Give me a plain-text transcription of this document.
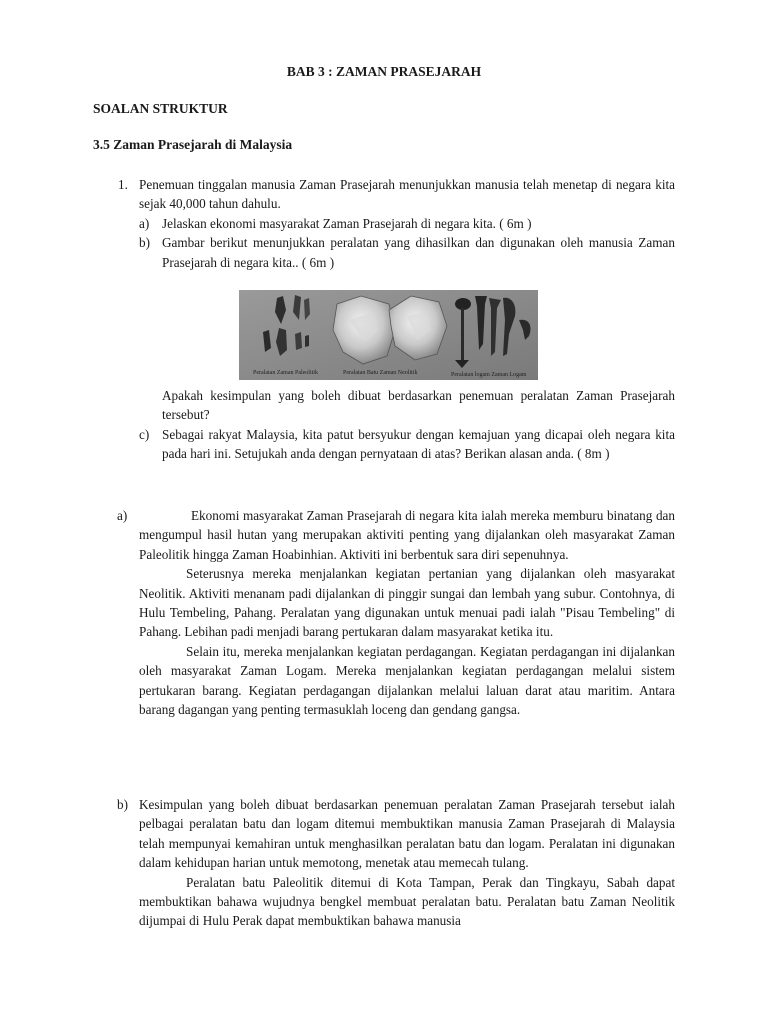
BAB 3 : ZAMAN PRASEJARAH
SOALAN STRUKTUR
3.5 Zaman Prasejarah di Malaysia
1. Penemuan tinggalan manusia Zaman Prasejarah menunjukkan manusia telah menetap di negara kita sejak 40,000 tahun dahulu.
a) Jelaskan ekonomi masyarakat Zaman Prasejarah di negara kita. ( 6m )
b) Gambar berikut menunjukkan peralatan yang dihasilkan dan digunakan oleh manusia Zaman Prasejarah di negara kita.. ( 6m )
Peralatan Zaman Paleolitik	Peralatan Batu Zaman Neolitik	Peralatan logam Zaman Logam
Apakah kesimpulan yang boleh dibuat berdasarkan penemuan peralatan Zaman Prasejarah tersebut?
c) Sebagai rakyat Malaysia, kita patut bersyukur dengan kemajuan yang dicapai oleh negara kita pada hari ini. Setujukah anda dengan pernyataan di atas? Berikan alasan anda. ( 8m )
a)	Ekonomi masyarakat Zaman Prasejarah di negara kita ialah mereka memburu binatang dan mengumpul hasil hutan yang merupakan aktiviti penting yang dijalankan oleh masyarakat Zaman Paleolitik hingga Zaman Hoabinhian. Aktiviti ini berbentuk sara diri sepenuhnya.

Seterusnya mereka menjalankan kegiatan pertanian yang dijalankan oleh masyarakat Neolitik. Aktiviti menanam padi dijalankan di pinggir sungai dan lembah yang subur. Contohnya, di Hulu Tembeling, Pahang. Peralatan yang digunakan untuk menuai padi ialah "Pisau Tembeling" di Pahang. Lebihan padi menjadi barang pertukaran dalam masyarakat ketika itu.

Selain itu, mereka menjalankan kegiatan perdagangan. Kegiatan perdagangan ini dijalankan oleh masyarakat Zaman Logam. Mereka menjalankan kegiatan perdagangan melalui sistem pertukaran barang. Kegiatan perdagangan dijalankan melalui laluan darat atau maritim. Antara barang dagangan yang penting termasuklah loceng dan gendang gangsa.

b) Kesimpulan yang boleh dibuat berdasarkan penemuan peralatan Zaman Prasejarah tersebut ialah pelbagai peralatan batu dan logam ditemui membuktikan manusia Zaman Prasejarah di Malaysia telah mempunyai kemahiran untuk menghasilkan peralatan batu dan logam. Peralatan ini digunakan dalam kehidupan harian untuk memotong, menetak atau memecah tulang.

Peralatan batu Paleolitik ditemui di Kota Tampan, Perak dan Tingkayu, Sabah dapat membuktikan bahawa wujudnya bengkel membuat peralatan batu. Peralatan batu Zaman Neolitik dijumpai di Hulu Perak dapat membuktikan bahawa manusia
